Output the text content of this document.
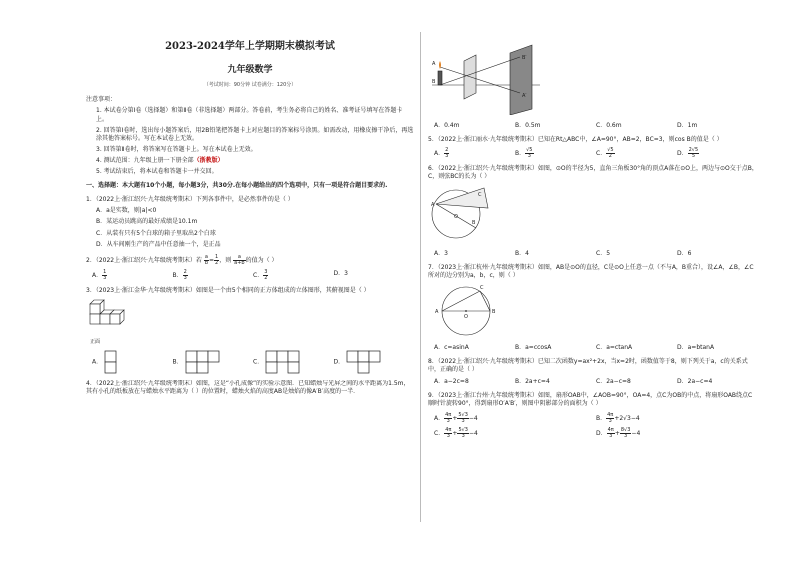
2023-2024学年上学期期末模拟考试
九年级数学
（考试时间：90分钟 试卷满分：120分）
注意事项：
1. 本试卷分第Ⅰ卷（选择题）和第Ⅱ卷（非选择题）两部分。答卷前，考生务必将自己的姓名、准考证号填写在答题卡上。
2. 回答第Ⅰ卷时，选出每小题答案后，用2B铅笔把答题卡上对应题目的答案标号涂黑。如需改动，用橡皮擦干净后，再选涂其他答案标号。写在本试卷上无效。
3. 回答第Ⅱ卷时，将答案写在答题卡上。写在本试卷上无效。
4. 测试范围：九年级上册一下册全部（浙教版）
5. 考试结束后，将本试卷和答题卡一并交回。
一、选择题：本大题有10个小题，每小题3分，共30分.在每小题给出的四个选项中，只有一项是符合题目要求的.
1．（2022上·浙江绍兴·九年级统考期末）下列各事件中，是必然事件的是（ ）
A．a是实数，则|a|<0
B．某运动员跳高的最好成绩是10.1m
C．从装有只有5个白球的箱子里取出2个白球
D．从车间刚生产的产品中任意抽一个，是正品
2．（2022上·浙江绍兴·九年级统考期末）若 $\frac{a}{b} = \frac{1}{2}$ ，则 $\frac{a}{a+b}$ 的值为（ ）
A． $\frac{1}{3}$	B． $\frac{2}{3}$	C． $\frac{3}{2}$	D．3
3．（2023上·浙江金华·九年级统考期末）如图是一个由5个相同的正方体组成的立体图形，其俯视图是（ ）
正面
A．	B．	C．	D．
4．（2022上·浙江绍兴·九年级统考期末）如图，这是“小孔成像”的实验示意图．已知蜡烛与光屏之间的水平距离为1.5m，其有小孔的纸板放在与蜡烛水平距离为（ ）的位置时，蜡烛火焰的高度AB是烛焰的像A′B′高度的一半．
A
B
B′
A′
A．0.4m	B．0.5m	C．0.6m	D．1m
5．（2022上·浙江丽水·九年级统考期末）已知在Rt△ABC中，∠A=90°，AB=2，BC=3，则cos B的值是（ ）
A． $\frac{2}{3}$	B． $\frac{√5}{3}$	C． $\frac{√5}{2}$	D． $\frac{2√5}{5}$
6．（2022上·浙江绍兴·九年级统考期末）如图，⊙O的半径为5，直角三角板30°角的顶点A落在⊙O上，两边与⊙O交于点B，C，则弦BC的长为（ ）
A
C
B
O
A．3	B．4	C．5	D．6
7．（2023上·浙江杭州·九年级统考期末）如图，AB是⊙O的直径，C是⊙O上任意一点（不与A，B重合），设∠A，∠B，∠C所对的边分别为a，b，c，则（ ）
A	B
C
O
A．c=asinA	B．a=ccosA	C．a=ctanA	D．a=btanA
8．（2022上·浙江绍兴·九年级统考期末）已知二次函数y=ax²+2x，当x=2时，函数值等于8，则下列关于a，c的关系式中，正确的是（ ）
A．a−2c=8	B．2a+c=4	C．2a−c=8	D．2a−c=4
9．（2023上·浙江台州·九年级统考期末）如图，扇形OAB中，∠AOB=90°，OA=4，点C为OB的中点，将扇形OAB绕点C顺时针旋转90°，得到扇形O′A′B′，则图中阴影部分的面积为（ ）
A． $\frac{4\pi}{3} + \frac{5√3}{3} -4$	B． $\frac{4\pi}{3} +2√3-4$
C． $\frac{4\pi}{3} + \frac{5√3}{3} -4$	D． $\frac{4\pi}{3} + \frac{8√3}{3} -4$
